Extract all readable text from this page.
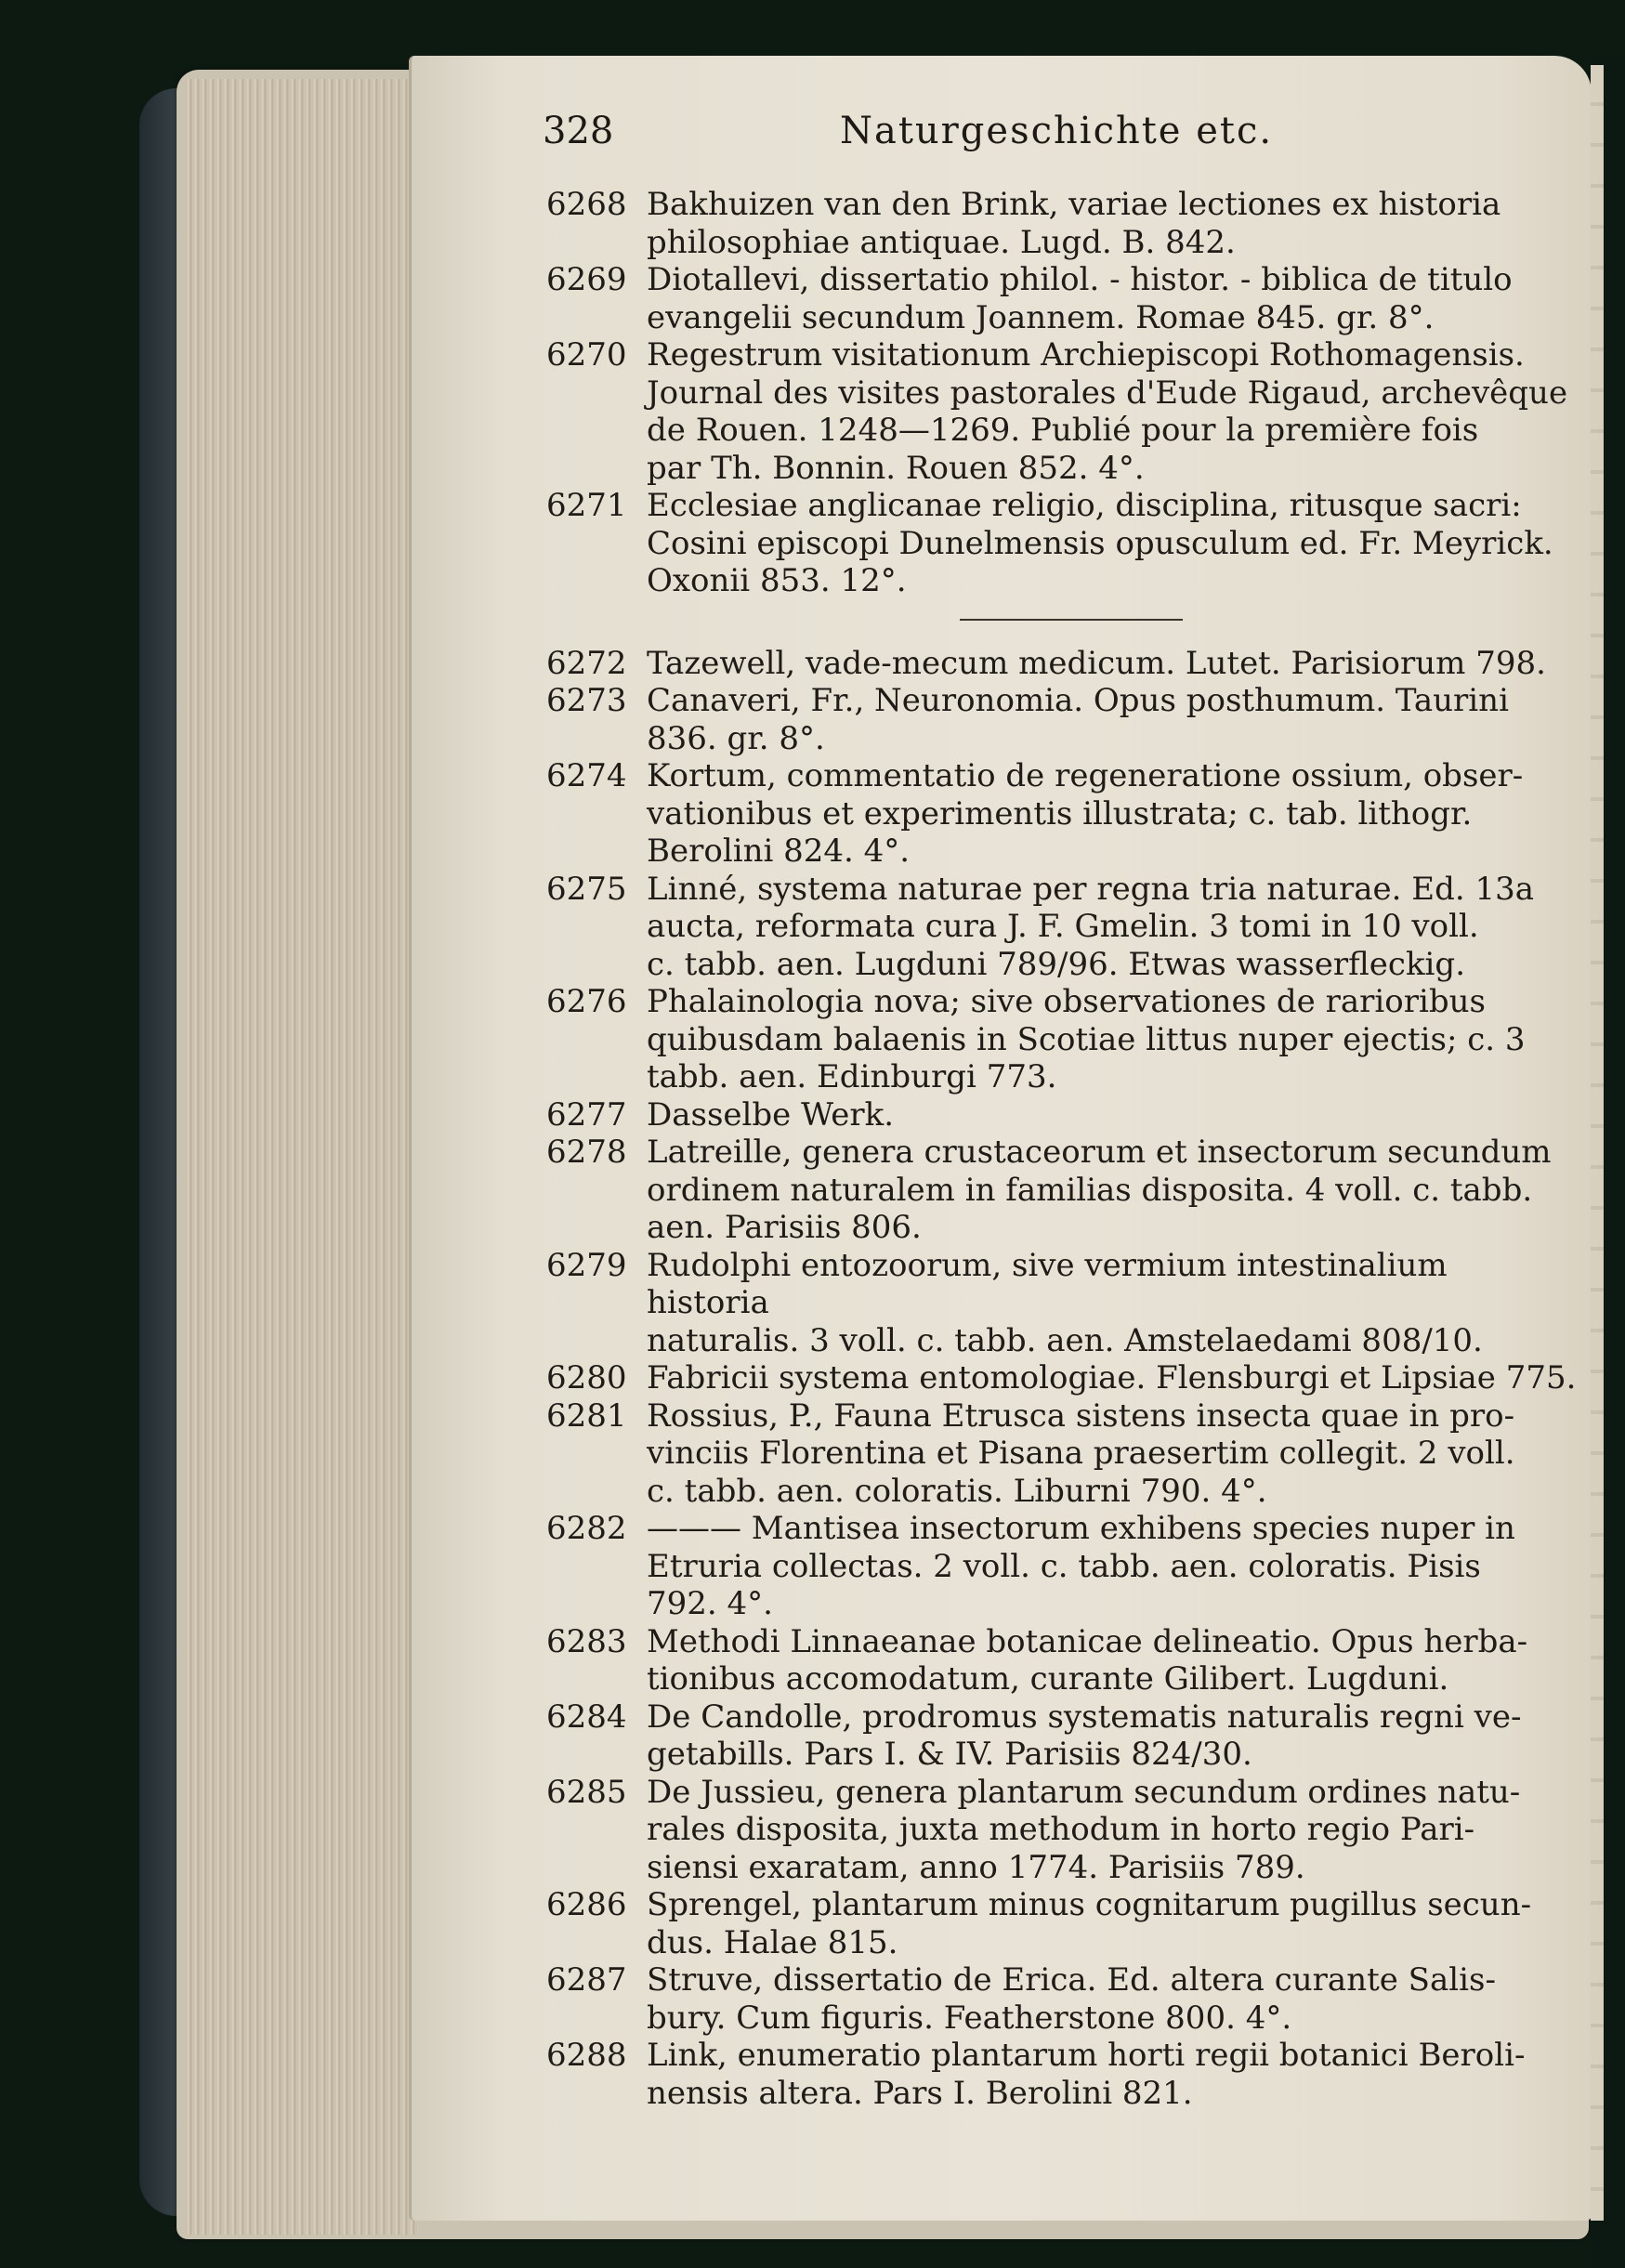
328	Naturgeschichte etc.
6268 Bakhuizen van den Brink, variae lectiones ex historia
philosophiae antiquae. Lugd. B. 842.
6269 Diotallevi, dissertatio philol. - histor. - biblica de titulo
evangelii secundum Joannem. Romae 845. gr. 8°.
6270 Regestrum visitationum Archiepiscopi Rothomagensis.
Journal des visites pastorales d'Eude Rigaud, archevêque
de Rouen. 1248—1269. Publié pour la première fois
par Th. Bonnin. Rouen 852. 4°.
6271 Ecclesiae anglicanae religio, disciplina, ritusque sacri:
Cosini episcopi Dunelmensis opusculum ed. Fr. Meyrick.
Oxonii 853. 12°.
6272 Tazewell, vade-mecum medicum. Lutet. Parisiorum 798.
6273 Canaveri, Fr., Neuronomia. Opus posthumum. Taurini
836. gr. 8°.
6274 Kortum, commentatio de regeneratione ossium, obser-
vationibus et experimentis illustrata; c. tab. lithogr.
Berolini 824. 4°.
6275 Linné, systema naturae per regna tria naturae. Ed. 13a
aucta, reformata cura J. F. Gmelin. 3 tomi in 10 voll.
c. tabb. aen. Lugduni 789/96. Etwas wasserfleckig.
6276 Phalainologia nova; sive observationes de rarioribus
quibusdam balaenis in Scotiae littus nuper ejectis; c. 3
tabb. aen. Edinburgi 773.
6277 Dasselbe Werk.
6278 Latreille, genera crustaceorum et insectorum secundum
ordinem naturalem in familias disposita. 4 voll. c. tabb.
aen. Parisiis 806.
6279 Rudolphi entozoorum, sive vermium intestinalium historia
naturalis. 3 voll. c. tabb. aen. Amstelaedami 808/10.
6280 Fabricii systema entomologiae. Flensburgi et Lipsiae 775.
6281 Rossius, P., Fauna Etrusca sistens insecta quae in pro-
vinciis Florentina et Pisana praesertim collegit. 2 voll.
c. tabb. aen. coloratis. Liburni 790. 4°.
6282 ——— Mantisea insectorum exhibens species nuper in
Etruria collectas. 2 voll. c. tabb. aen. coloratis. Pisis
792. 4°.
6283 Methodi Linnaeanae botanicae delineatio. Opus herba-
tionibus accomodatum, curante Gilibert. Lugduni.
6284 De Candolle, prodromus systematis naturalis regni ve-
getabills. Pars I. & IV. Parisiis 824/30.
6285 De Jussieu, genera plantarum secundum ordines natu-
rales disposita, juxta methodum in horto regio Pari-
siensi exaratam, anno 1774. Parisiis 789.
6286 Sprengel, plantarum minus cognitarum pugillus secun-
dus. Halae 815.
6287 Struve, dissertatio de Erica. Ed. altera curante Salis-
bury. Cum figuris. Featherstone 800. 4°.
6288 Link, enumeratio plantarum horti regii botanici Beroli-
nensis altera. Pars I. Berolini 821.
